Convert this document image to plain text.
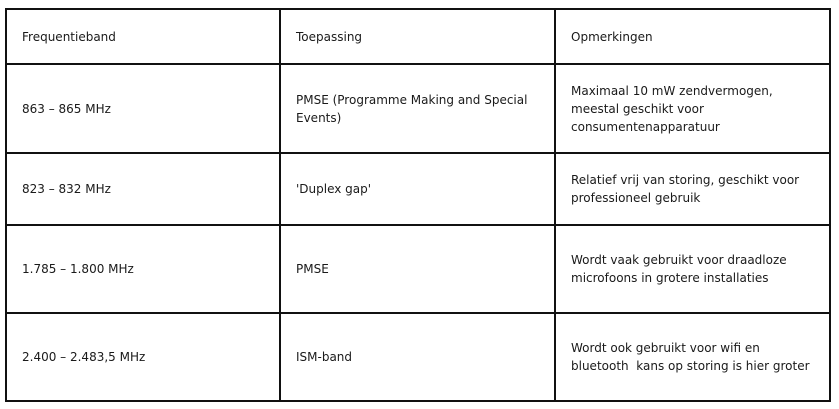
Frequentieband	Toepassing	Opmerkingen
863 – 865 MHz	PMSE (Programme Making and Special Events)	Maximaal 10 mW zendvermogen, meestal geschikt voor consumentenapparatuur
823 – 832 MHz	'Duplex gap'	Relatief vrij van storing, geschikt voor professioneel gebruik
1.785 – 1.800 MHz	PMSE	Wordt vaak gebruikt voor draadloze microfoons in grotere installaties
2.400 – 2.483,5 MHz	ISM-band	Wordt ook gebruikt voor wifi en bluetooth  kans op storing is hier groter
